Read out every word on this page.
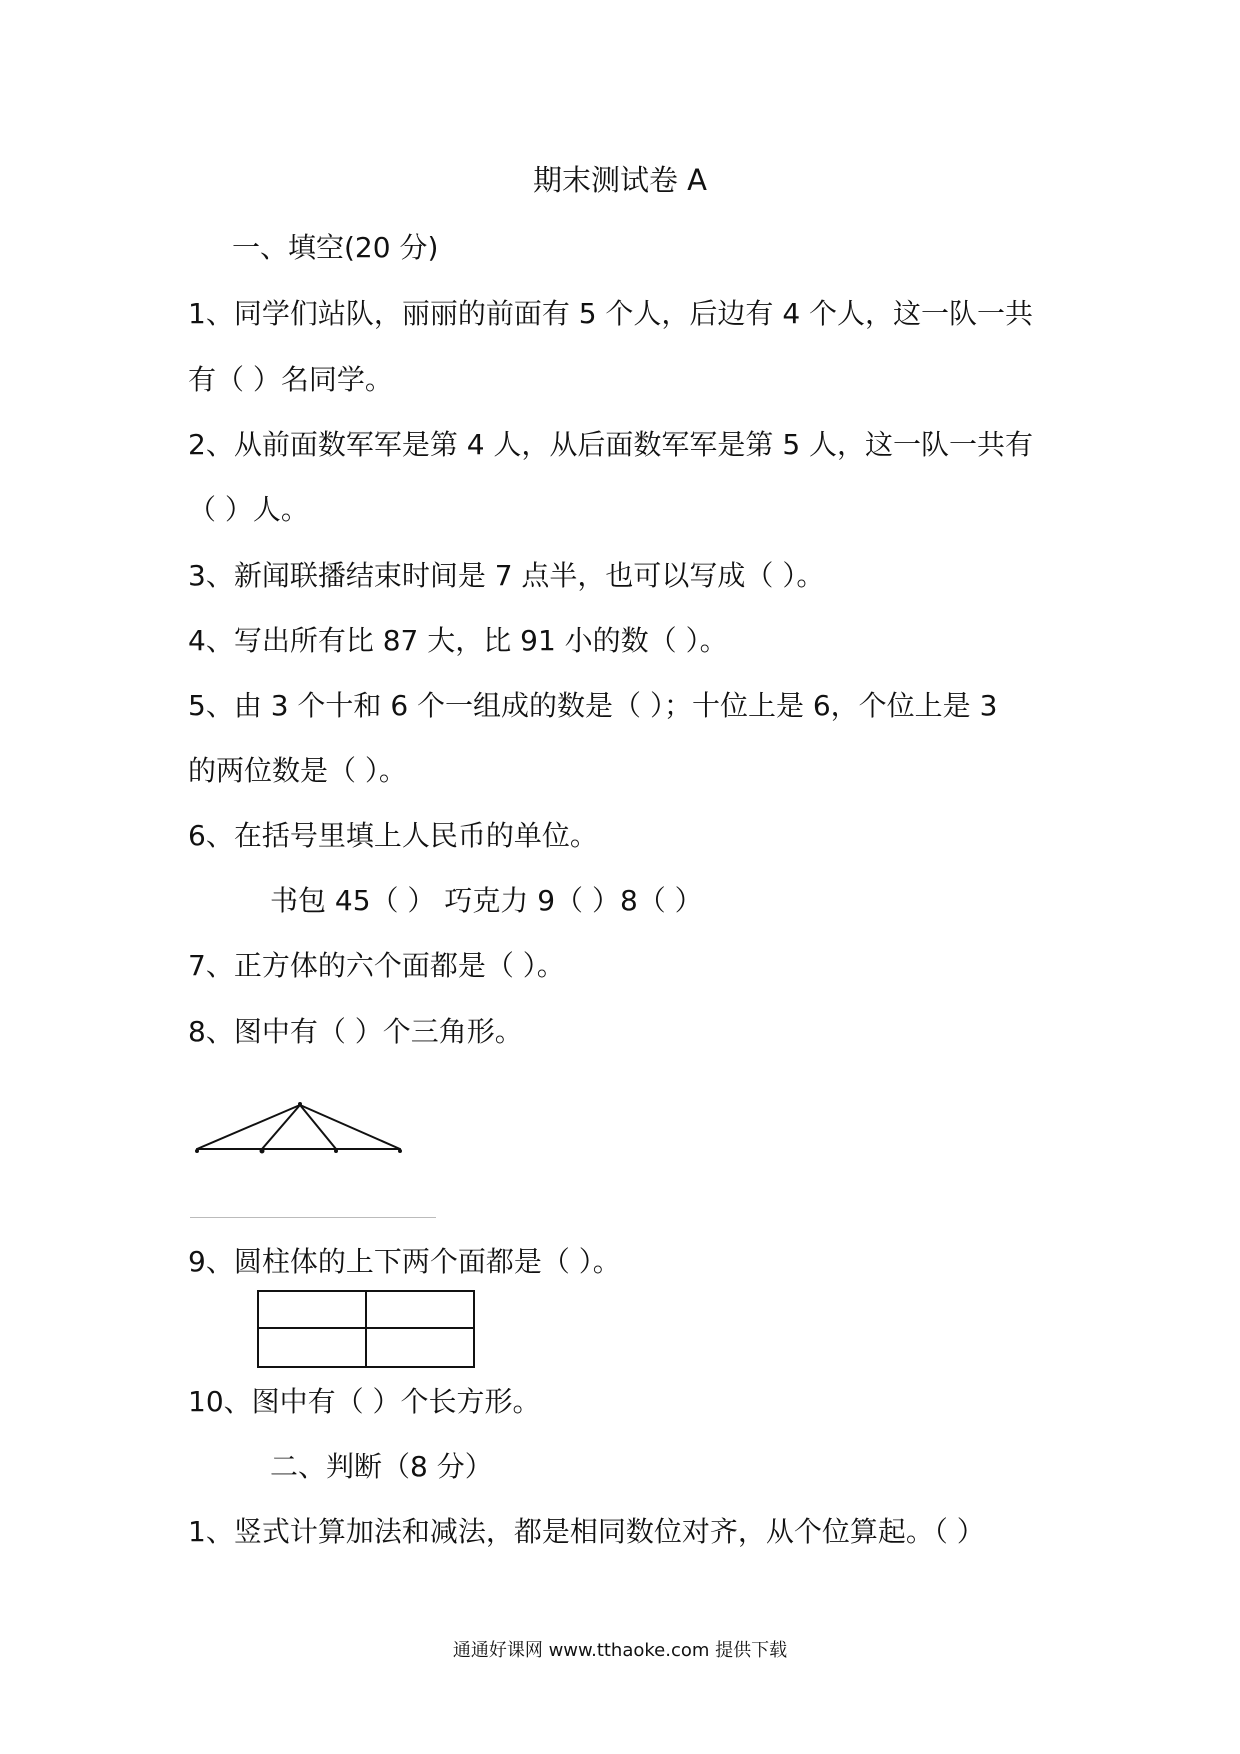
期末测试卷 A
一、填空(20 分)
1、同学们站队，丽丽的前面有 5 个人，后边有 4 个人，这一队一共
有（ ）名同学。
2、从前面数军军是第 4 人，从后面数军军是第 5 人，这一队一共有
（ ）人。
3、新闻联播结束时间是 7 点半，也可以写成（ ）。
4、写出所有比 87 大，比 91 小的数（ ）。
5、由 3 个十和 6 个一组成的数是（ ）；十位上是 6，个位上是 3
的两位数是（ ）。
6、在括号里填上人民币的单位。
书包 45（ ） 巧克力 9（ ）8（ ）
7、正方体的六个面都是（ ）。
8、图中有（ ）个三角形。
9、圆柱体的上下两个面都是（ ）。
10、图中有（ ）个长方形。
二、判断（8 分）
1、竖式计算加法和减法，都是相同数位对齐，从个位算起。（ ）
通通好课网 www.tthaoke.com 提供下载
